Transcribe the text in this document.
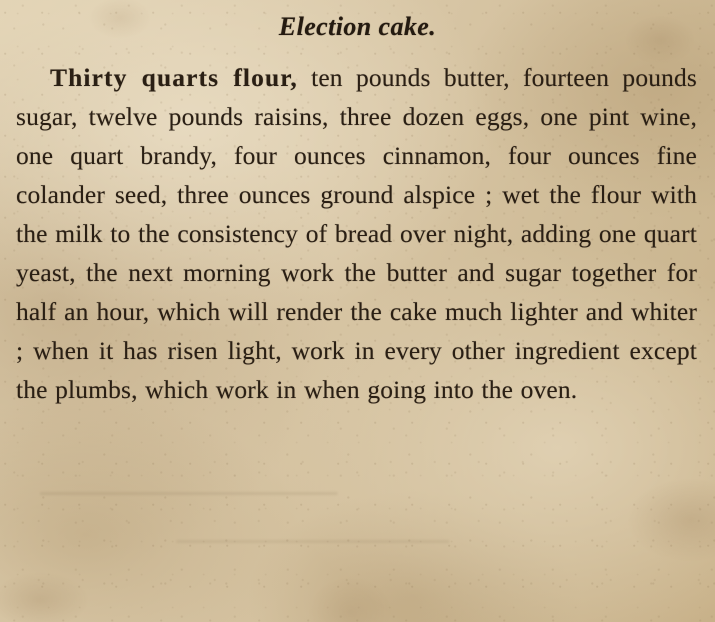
Election cake.

Thirty quarts flour, ten pounds butter, fourteen pounds sugar, twelve pounds raisins, three dozen eggs, one pint wine, one quart brandy, four ounces cinnamon, four ounces fine colander seed, three ounces ground alspice ; wet the flour with the milk to the consistency of bread over night, adding one quart yeast, the next morning work the butter and sugar together for half an hour, which will render the cake much lighter and whiter ; when it has risen light, work in every other ingredient except the plumbs, which work in when going into the oven.
